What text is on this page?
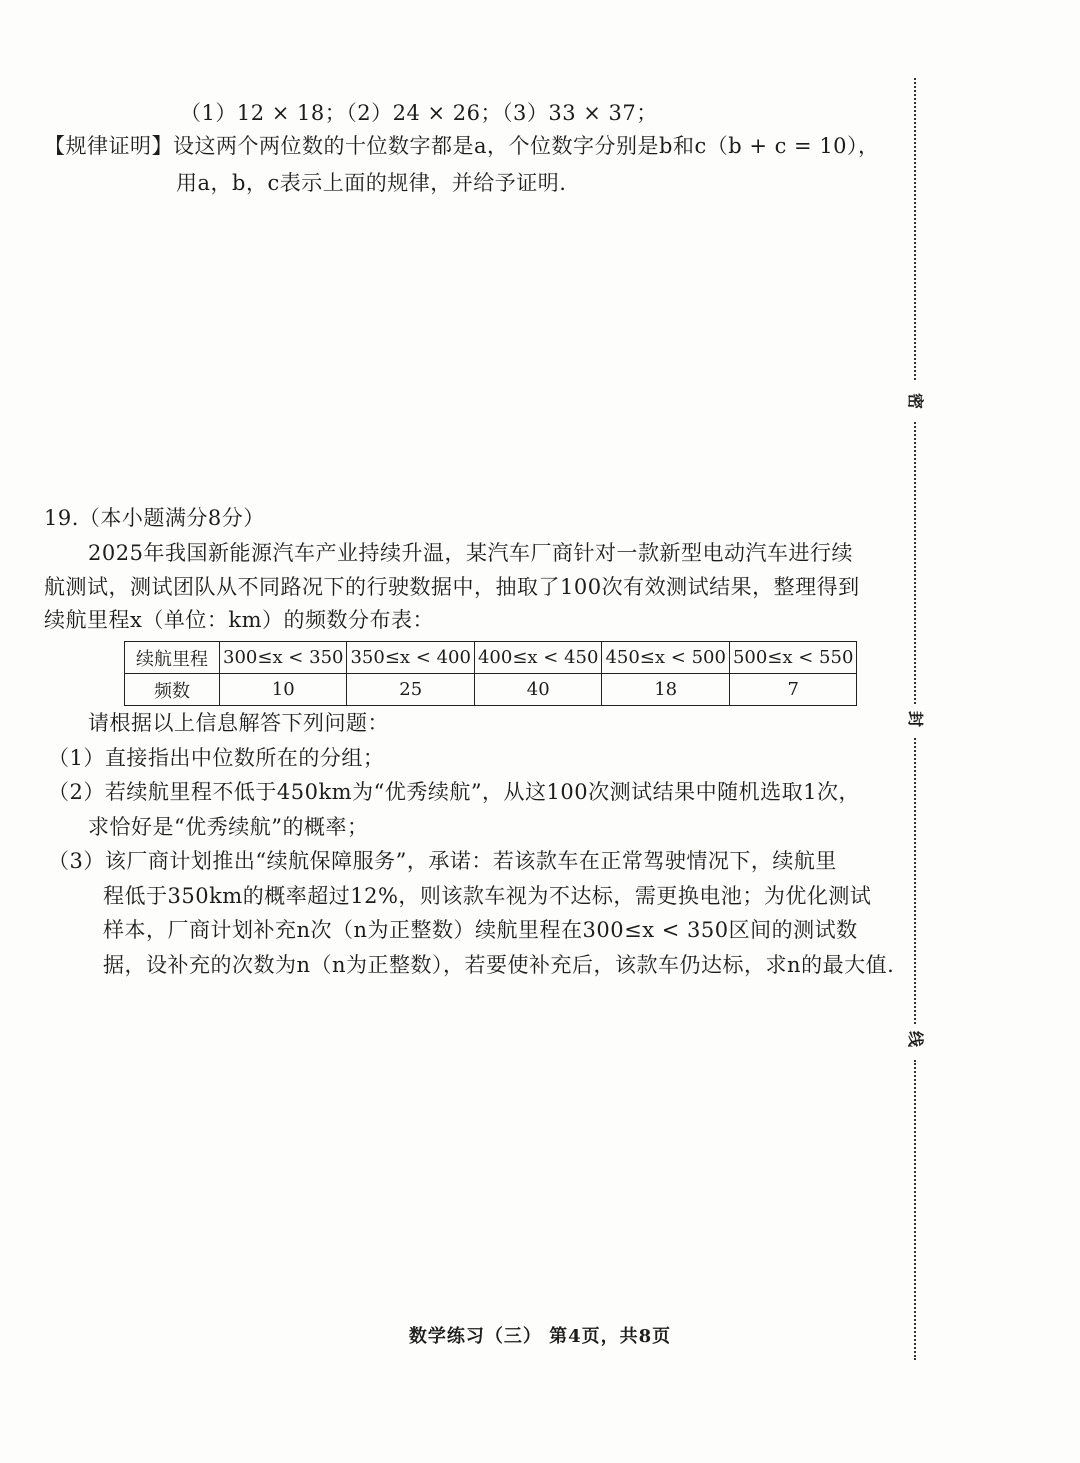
（1）12 × 18；（2）24 × 26；（3）33 × 37；
【规律证明】设这两个两位数的十位数字都是a，个位数字分别是b和c（b + c = 10），
用a，b，c表示上面的规律，并给予证明.
19.（本小题满分8分）
2025年我国新能源汽车产业持续升温，某汽车厂商针对一款新型电动汽车进行续
航测试，测试团队从不同路况下的行驶数据中，抽取了100次有效测试结果，整理得到
续航里程x（单位：km）的频数分布表：
续航里程	300≤x < 350	350≤x < 400	400≤x < 450	450≤x < 500	500≤x < 550
频数	10	25	40	18	7
请根据以上信息解答下列问题：
（1）直接指出中位数所在的分组；
（2）若续航里程不低于450km为“优秀续航”，从这100次测试结果中随机选取1次，
求恰好是“优秀续航”的概率；
（3）该厂商计划推出“续航保障服务”，承诺：若该款车在正常驾驶情况下，续航里
程低于350km的概率超过12%，则该款车视为不达标，需更换电池；为优化测试
样本，厂商计划补充n次（n为正整数）续航里程在300≤x < 350区间的测试数
据，设补充的次数为n（n为正整数），若要使补充后，该款车仍达标，求n的最大值.
密
封
线
数学练习（三） 第4页，共8页
